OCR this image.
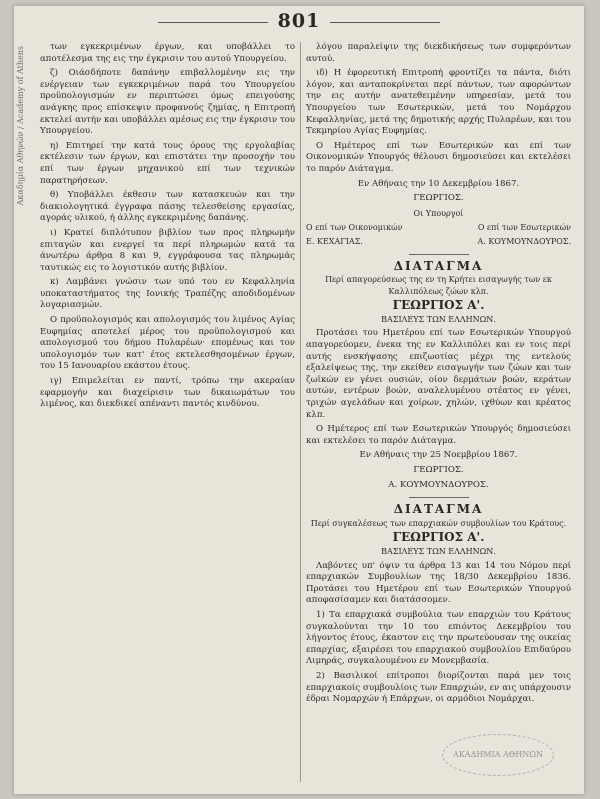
Ακαδημία Αθηνών / Academy of Athens
801

των εγκεκριμένων έργων, και υποβάλλει το αποτέλεσμα της εις την έγκρισιν του αυτού Υπουργείου.

ζ) Οιάσδήποτε δαπάνην επιβαλλομένην εις την ενέργειαν των εγκεκριμένων παρά του Υπουργείου προϋπολογισμών εν περιπτώσει όμως επειγούσης ανάγκης προς επίσκεψιν προφανούς ζημίας, η Επιτροπή εκτελεί αυτήν και υποβάλλει αμέσως εις την έγκρισιν του Υπουργείου.

η) Επιτηρεί την κατά τους όρους της εργολαβίας εκτέλεσιν των έργων, και επιστάτει την προσοχήν του επί των έργων μηχανικού επί των τεχνικών παρατηρήσεων.

θ) Υποβάλλει έκθεσιν των κατασκευών και την διακιολογητικά έγγραφα πάσης τελεσθείσης εργασίας, αγοράς υλικού, ή άλλης εγκεκριμένης δαπάνης.

ι) Κρατεί διπλότυπον βιβλίον των προς πληρωμήν επιταγών και ενεργεί τα περί πληρωμών κατά τα άνωτέρω άρθρα 8 και 9, εγγράφουσα τας πληρωμάς ταυτικώς εις το λογιστικόν αυτής βιβλίον.

κ) Λαμβάνει γνώσιν των υπό του εν Κεφαλληνία υποκαταστήματος της Ιονικής Τραπέζης αποδιδομένων λογαριασμών.

Ο προϋπολογισμός και απολογισμός του λιμένος Αγίας Ευφημίας αποτελεί μέρος του προϋπολογισμού και απολογισμού του δήμου Πυλαρέων· επομένως και τον υπολογισμόν των κατ' έτος εκτελεσθησομένων έργων, του 15 Ιανουαρίου εκάστου έτους.

ιγ) Επιμελείται εν παντί, τρόπω την ακεραίαν εφαρμογήν και διαχείρισιν των δικαιωμάτων του λιμένος, και διεκδικεί απέναντι παντός κινδύνου.

λόγου παραλείψιν της διεκδικήσεως των συμφερόντων αυτού.

ιδ) Η έφορευτική Επιτροπή φροντίζει τα πάντα, διότι λόγον, και ανταποκρίνεται περί πάντων, των αφορώντων την εις αυτήν ανατεθειμένην υπηρεσίαν, μετά του Υπουργείου των Εσωτερικών, μετά του Νομάρχου Κεφαλληνίας, μετά της δημοτικής αρχής Πυλαρέων, και του Τεκμηρίου Αγίας Ευφημίας.

Ο Ημέτερος επί των Εσωτερικών και επί των Οικονομικών Υπουργός θέλουσι δημοσιεύσει και εκτελέσει το παρόν Διάταγμα.

Εν Αθήναις την 10 Δεκεμβρίου 1867.

ΓΕΩΡΓΙΟΣ.

Οι Υπουργοί

Ο επί των Οικονομικών	Ο επί των Εσωτερικών
Ε. ΚΕΧΑΓΙΑΣ.	Α. ΚΟΥΜΟΥΝΔΟΥΡΟΣ.
ΔΙΑΤΑΓΜΑ

Περί απαγορεύσεως της εν τη Κρήτει εισαγωγής των εκ Καλλιπόλεως ζώων κλπ.

ΓΕΩΡΓΙΟΣ Α'.

ΒΑΣΙΛΕΥΣ ΤΩΝ ΕΛΛΗΝΩΝ.

Προτάσει του Ημετέρου επί των Εσωτερικών Υπουργού απαγορεύομεν, ένεκα της εν Καλλιπόλει και εν τοις περί αυτής ενσκήψασης επιζωοτίας μέχρι της εντελούς εξαλείψεως της, την εκείθεν εισαγωγήν των ζώων και των ζωϊκών εν γένει ουσιών, οίον δερμάτων βοών, κεράτων αυτών, εντέρων βοών, αναλελυμένου στέατος εν γένει, τριχών αγελάδων και χοίρων, χηλών, ιχθύων και κρέατος κλπ.

Ο Ημέτερος επί των Εσωτερικών Υπουργός δημοσιεύσει και εκτελέσει το παρόν Διάταγμα.

Εν Αθήναις την 25 Νοεμβρίου 1867.

ΓΕΩΡΓΙΟΣ.

Α. ΚΟΥΜΟΥΝΔΟΥΡΟΣ.

ΔΙΑΤΑΓΜΑ

Περί συγκαλέσεως των επαρχιακών συμβουλίων του Κράτους.

ΓΕΩΡΓΙΟΣ Α'.

ΒΑΣΙΛΕΥΣ ΤΩΝ ΕΛΛΗΝΩΝ.

Λαβόντες υπ' όψιν τα άρθρα 13 και 14 του Νόμου περί επαρχιακών Συμβουλίων της 18/30 Δεκεμβρίου 1836. Προτάσει του Ημετέρου επί των Εσωτερικών Υπουργού αποφασίσαμεν και διατάσσομεν.

1) Τα επαρχιακά συμβούλια των επαρχιών του Κράτους συγκαλούνται την 10 του επιόντος Δεκεμβρίου του λήγοντος έτους, έκαστον εις την πρωτεύουσαν της οικείας επαρχίας, εξαιρέσει του επαρχιακού συμβουλίου Επιδαύρου Λιμηράς, συγκαλουμένου εν Μονεμβασία.

2) Βασιλικοί επίτροποι διορίζονται παρά μεν τοις επαρχιακοίς συμβουλίοις των Επαρχιών, εν αις υπάρχουσιν έδραι Νομαρχών ή Επάρχων, οι αρμόδιοι Νομάρχαι.

ΑΚΑΔΗΜΙΑ ΑΘΗΝΩΝ
